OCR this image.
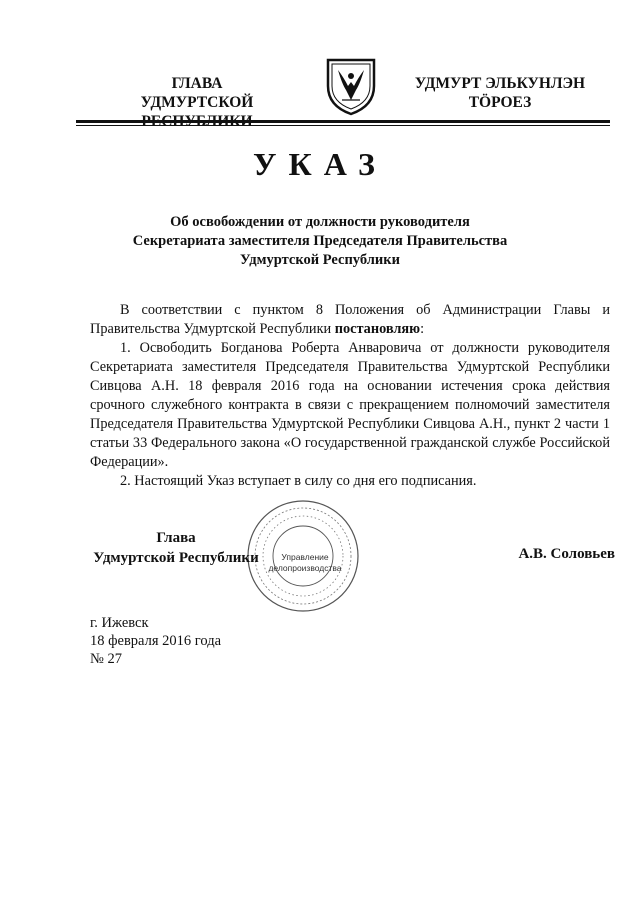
ГЛАВА
УДМУРТСКОЙ
УДМУРТ ЭЛЬКУНЛЭН
ТӦРОЕЗ
УКАЗ
Об освобождении от должности руководителя
Секретариата заместителя Председателя Правительства
Удмуртской Республики

В соответствии с пунктом 8 Положения об Администрации Главы и Правительства Удмуртской Республики постановляю:

1. Освободить Богданова Роберта Анваровича от должности руководителя Секретариата заместителя Председателя Правительства Удмуртской Республики Сивцова А.Н. 18 февраля 2016 года на основании истечения срока действия срочного служебного контракта в связи с прекращением полномочий заместителя Председателя Правительства Удмуртской Республики Сивцова А.Н., пункт 2 части 1 статьи 33 Федерального закона «О государственной гражданской службе Российской Федерации».

2. Настоящий Указ вступает в силу со дня его подписания.

Управление
делопроизводства
Глава
Удмуртской Республики	А.В. Соловьев
г. Ижевск
18 февраля 2016 года
№ 27
